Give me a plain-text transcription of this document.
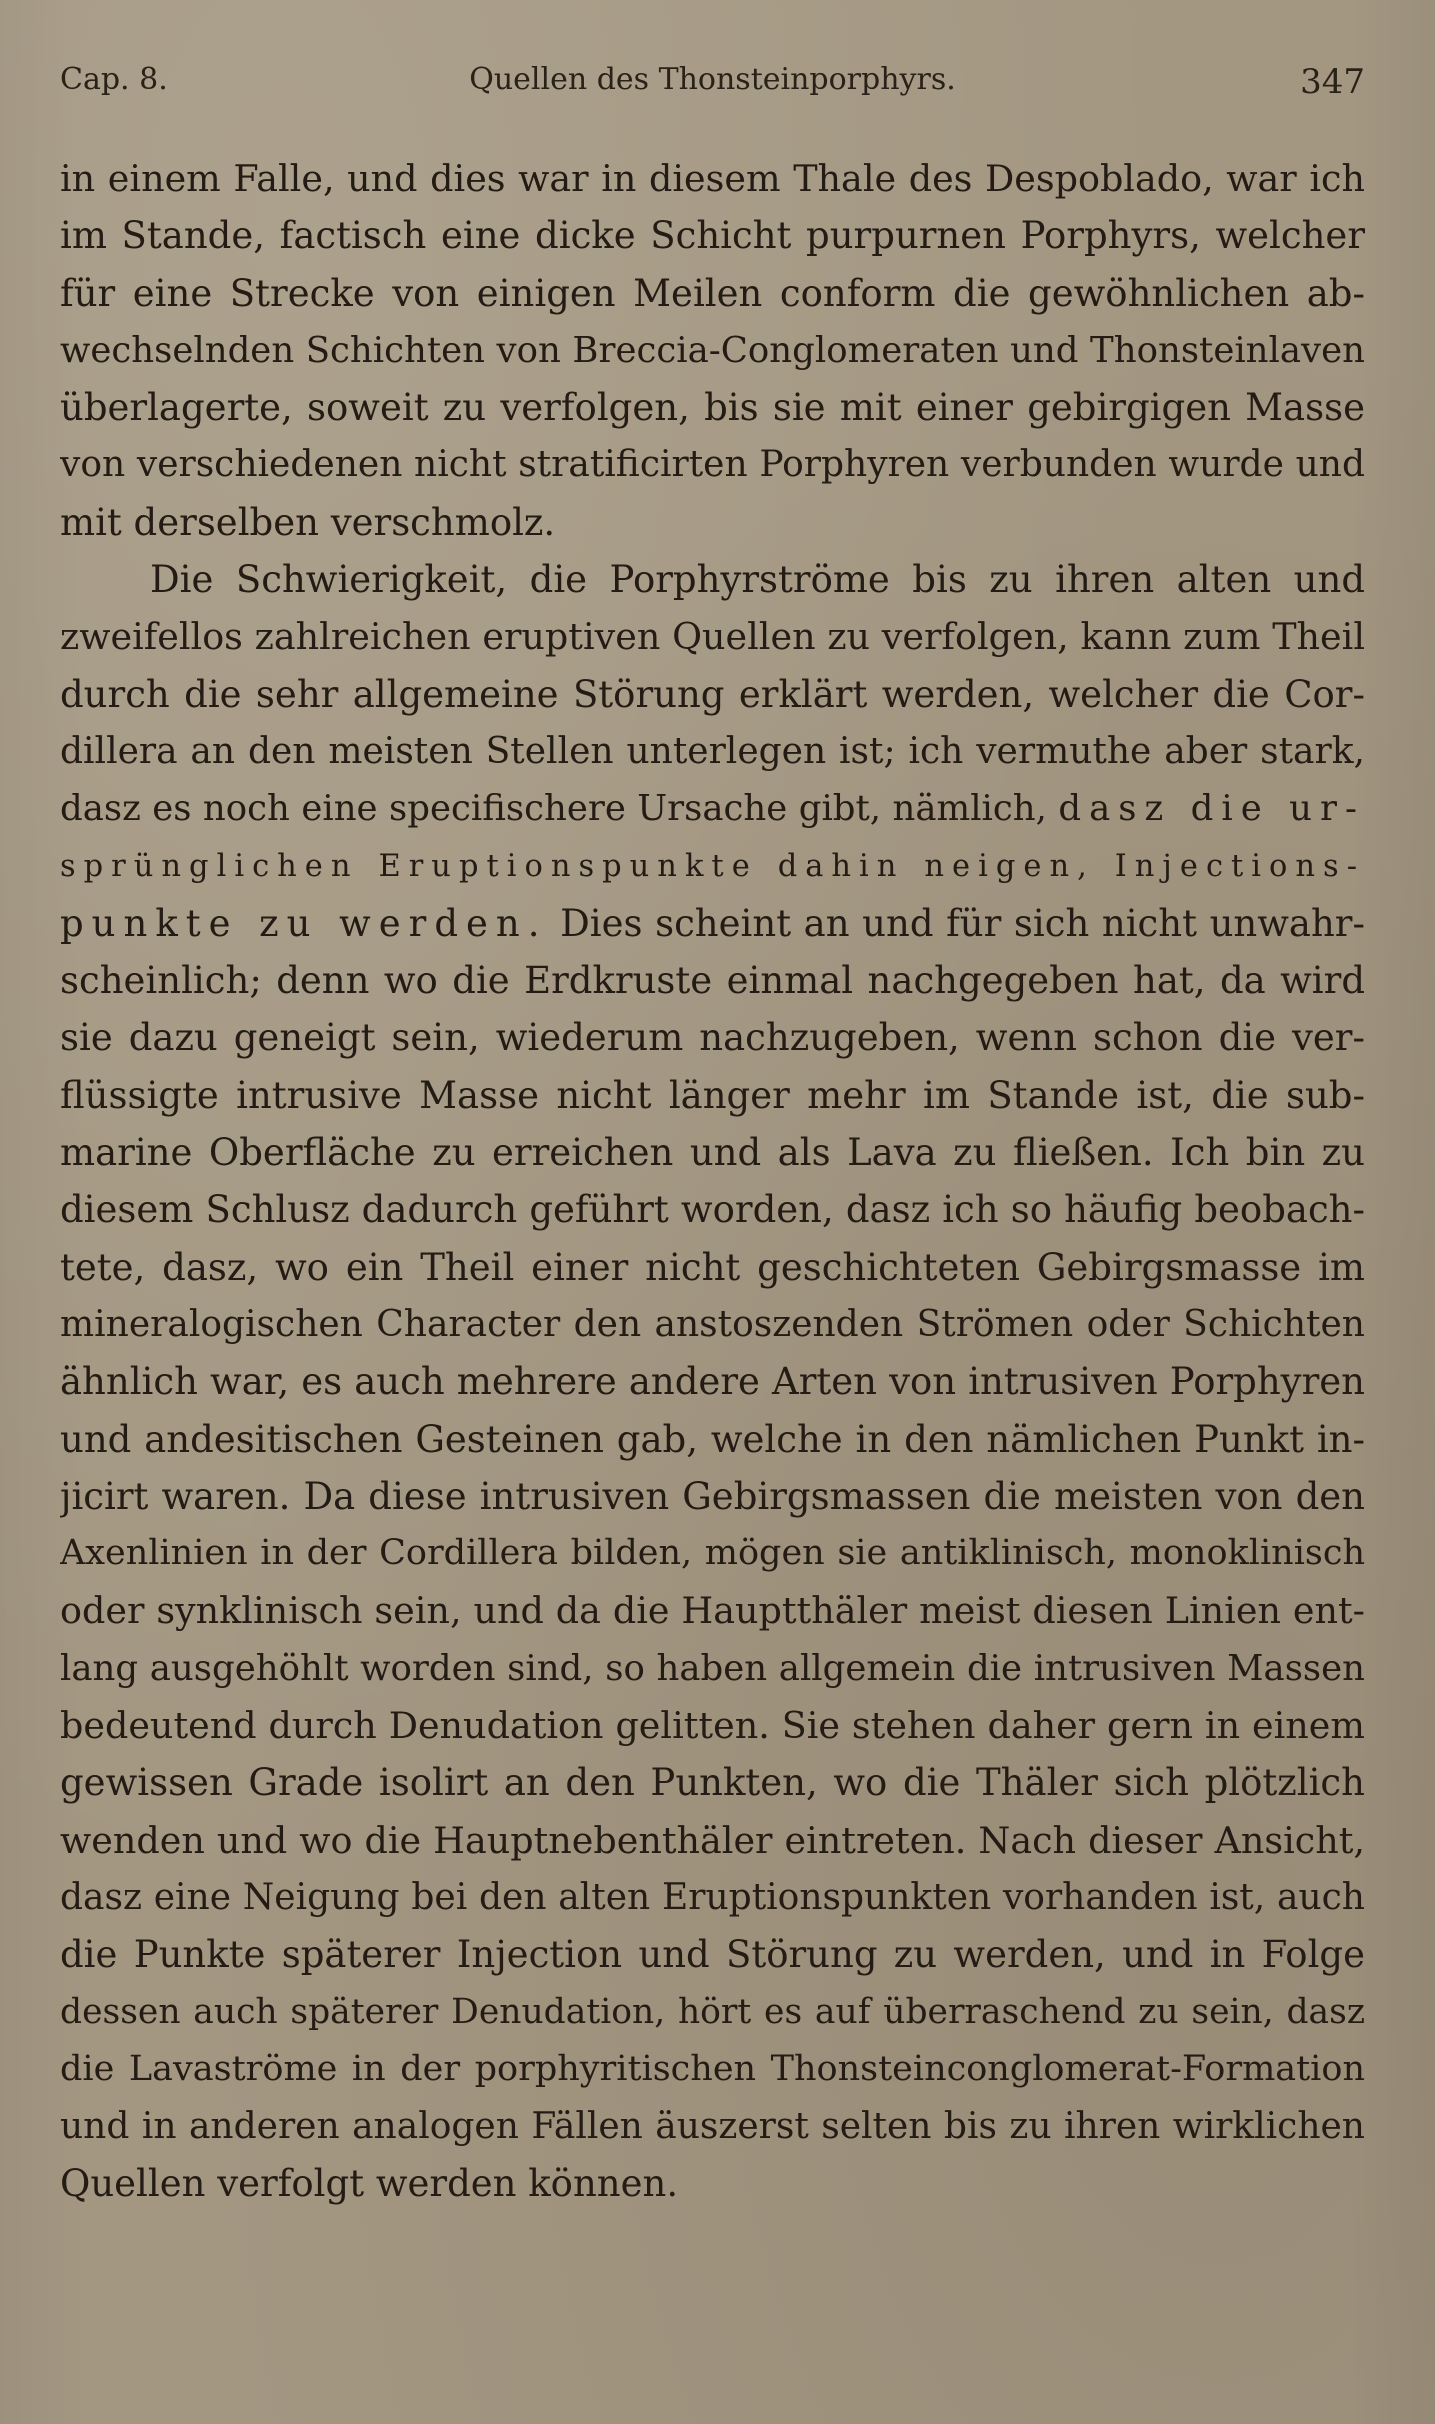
Cap. 8.	Quellen des Thonsteinporphyrs.	347
in einem Falle, und dies war in diesem Thale des Despoblado, war ich
im Stande, factisch eine dicke Schicht purpurnen Porphyrs, welcher
für eine Strecke von einigen Meilen conform die gewöhnlichen ab-
wechselnden Schichten von Breccia-Conglomeraten und Thonsteinlaven
überlagerte, soweit zu verfolgen, bis sie mit einer gebirgigen Masse
von verschiedenen nicht stratificirten Porphyren verbunden wurde und
mit derselben verschmolz.
Die Schwierigkeit, die Porphyrströme bis zu ihren alten und
zweifellos zahlreichen eruptiven Quellen zu verfolgen, kann zum Theil
durch die sehr allgemeine Störung erklärt werden, welcher die Cor-
dillera an den meisten Stellen unterlegen ist; ich vermuthe aber stark,
dasz es noch eine specifischere Ursache gibt, nämlich, dasz die ur-
sprünglichen Eruptionspunkte dahin neigen, Injections-
punkte zu werden. Dies scheint an und für sich nicht unwahr-
scheinlich; denn wo die Erdkruste einmal nachgegeben hat, da wird
sie dazu geneigt sein, wiederum nachzugeben, wenn schon die ver-
flüssigte intrusive Masse nicht länger mehr im Stande ist, die sub-
marine Oberfläche zu erreichen und als Lava zu fließen. Ich bin zu
diesem Schlusz dadurch geführt worden, dasz ich so häufig beobach-
tete, dasz, wo ein Theil einer nicht geschichteten Gebirgsmasse im
mineralogischen Character den anstoszenden Strömen oder Schichten
ähnlich war, es auch mehrere andere Arten von intrusiven Porphyren
und andesitischen Gesteinen gab, welche in den nämlichen Punkt in-
jicirt waren. Da diese intrusiven Gebirgsmassen die meisten von den
Axenlinien in der Cordillera bilden, mögen sie antiklinisch, monoklinisch
oder synklinisch sein, und da die Hauptthäler meist diesen Linien ent-
lang ausgehöhlt worden sind, so haben allgemein die intrusiven Massen
bedeutend durch Denudation gelitten. Sie stehen daher gern in einem
gewissen Grade isolirt an den Punkten, wo die Thäler sich plötzlich
wenden und wo die Hauptnebenthäler eintreten. Nach dieser Ansicht,
dasz eine Neigung bei den alten Eruptionspunkten vorhanden ist, auch
die Punkte späterer Injection und Störung zu werden, und in Folge
dessen auch späterer Denudation, hört es auf überraschend zu sein, dasz
die Lavaströme in der porphyritischen Thonsteinconglomerat-Formation
und in anderen analogen Fällen äuszerst selten bis zu ihren wirklichen
Quellen verfolgt werden können.
